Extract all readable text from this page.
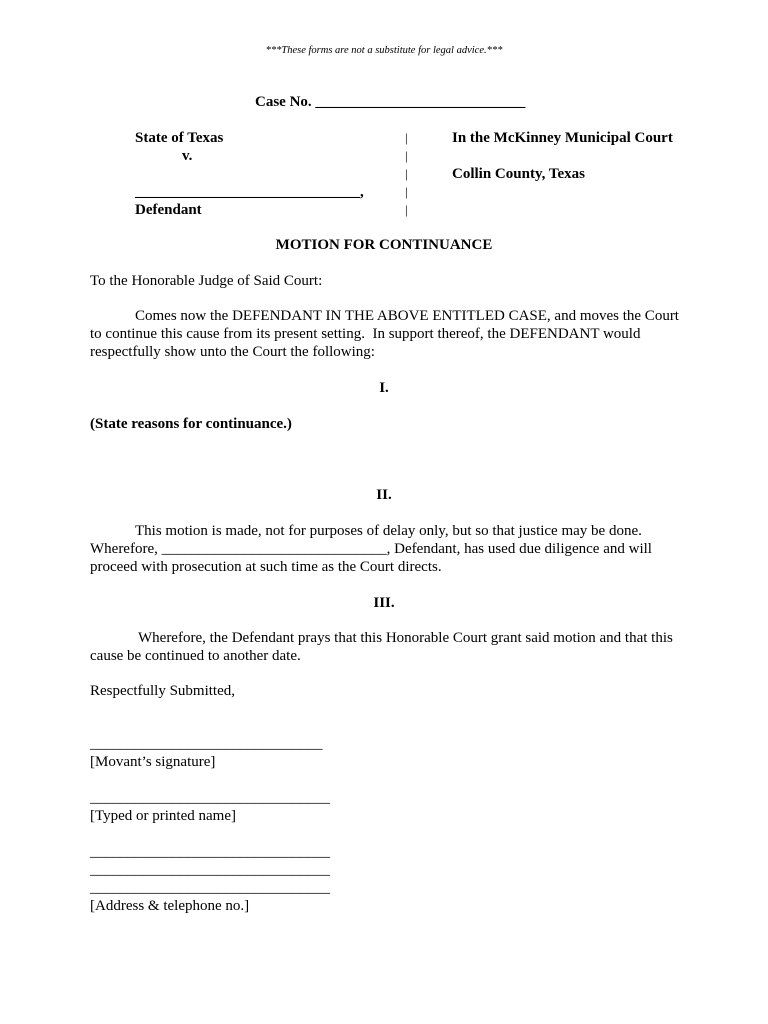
***These forms are not a substitute for legal advice.***
Case No. ____________________________
State of Texas
v.
______________________________,
Defendant
|
|
|
|
|
In the McKinney Municipal Court
Collin County, Texas
MOTION FOR CONTINUANCE
To the Honorable Judge of Said Court:
Comes now the DEFENDANT IN THE ABOVE ENTITLED CASE, and moves the Court
to continue this cause from its present setting.  In support thereof, the DEFENDANT would
respectfully show unto the Court the following:
I.
(State reasons for continuance.)
II.
This motion is made, not for purposes of delay only, but so that justice may be done.
Wherefore, ______________________________, Defendant, has used due diligence and will
proceed with prosecution at such time as the Court directs.
III.
Wherefore, the Defendant prays that this Honorable Court grant said motion and that this
cause be continued to another date.
Respectfully Submitted,
_______________________________
[Movant’s signature]
________________________________
[Typed or printed name]
________________________________
________________________________
________________________________
[Address & telephone no.]
